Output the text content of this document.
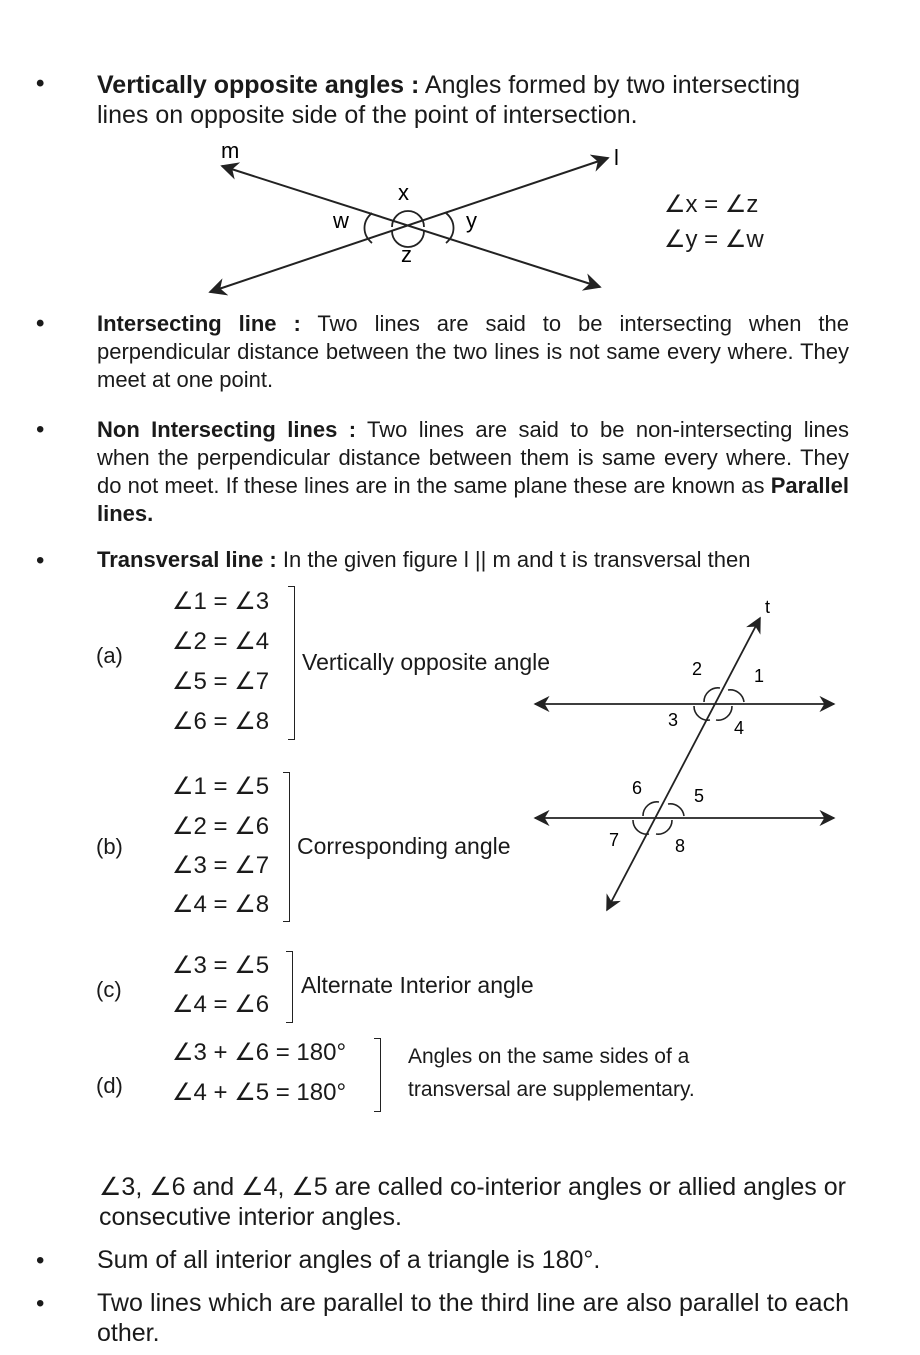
• Vertically opposite angles : Angles formed by two intersecting
lines on opposite side of the point of intersection.
m	l
x
y
w
z
∠x = ∠z
∠y = ∠w
• Intersecting line : Two lines are said to be intersecting when the perpendicular distance between the two lines is not same every where. They meet at one point.
• Non Intersecting lines : Two lines are said to be non-intersecting lines when the perpendicular distance between them is same every where. They do not meet. If these lines are in the same plane these are known as Parallel lines.
• Transversal line : In the given figure l || m and t is transversal then
(a)
∠1 = ∠3
∠2 = ∠4
∠5 = ∠7
∠6 = ∠8
Vertically opposite angle
(b)
∠1 = ∠5
∠2 = ∠6
∠3 = ∠7
∠4 = ∠8
Corresponding angle
t
1
2
3	4
5
6
7	8
(c)
∠3 = ∠5
∠4 = ∠6
Alternate Interior angle
(d)
∠3 + ∠6 = 180°
∠4 + ∠5 = 180°
Angles on the same sides of a
transversal are supplementary.
∠3, ∠6 and ∠4, ∠5 are called co-interior angles or allied angles or consecutive interior angles.
• Sum of all interior angles of a triangle is 180°.
• Two lines which are parallel to the third line are also parallel to each other.
